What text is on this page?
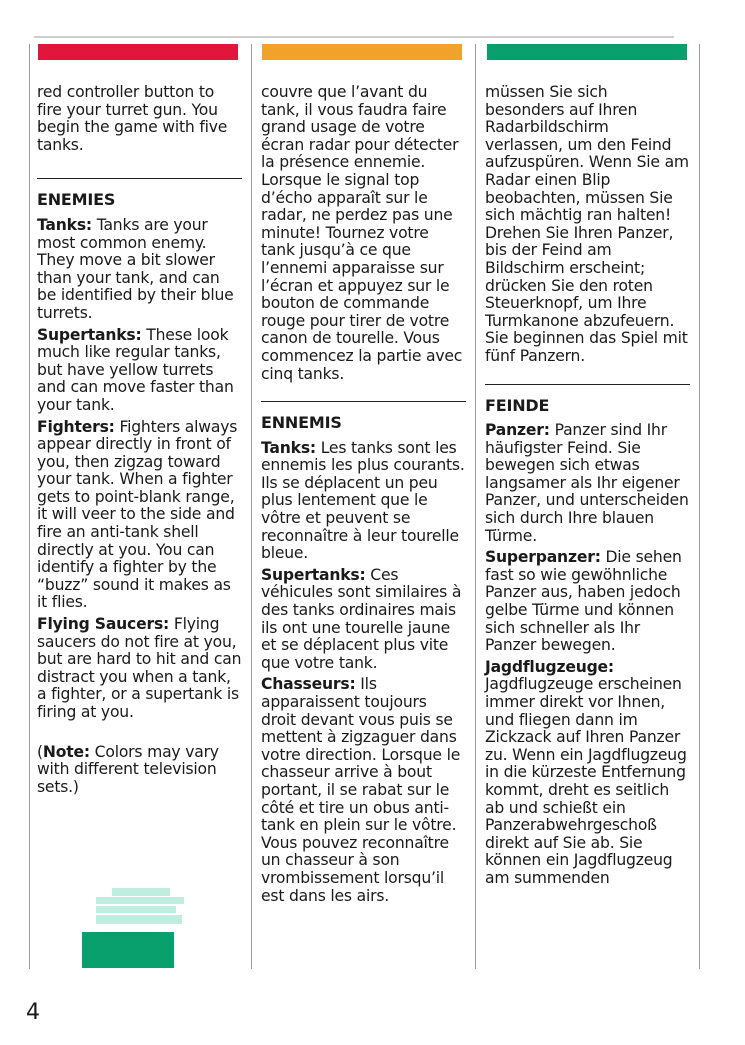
red controller button to fire your turret gun. You begin the game with five tanks.

ENEMIES

Tanks: Tanks are your most common enemy. They move a bit slower than your tank, and can be identified by their blue turrets.

Supertanks: These look much like regular tanks, but have yellow turrets and can move faster than your tank.

Fighters: Fighters always appear directly in front of you, then zigzag toward your tank. When a fighter gets to point-blank range, it will veer to the side and fire an anti-tank shell directly at you. You can identify a fighter by the “buzz” sound it makes as it flies.

Flying Saucers: Flying saucers do not fire at you, but are hard to hit and can distract you when a tank, a fighter, or a supertank is firing at you.

(Note: Colors may vary with different television sets.)

couvre que l’avant du tank, il vous faudra faire grand usage de votre écran radar pour détecter la présence ennemie. Lorsque le signal top d’écho apparaît sur le radar, ne perdez pas une minute! Tournez votre tank jusqu’à ce que l’ennemi apparaisse sur l’écran et appuyez sur le bouton de commande rouge pour tirer de votre canon de tourelle. Vous commencez la partie avec cinq tanks.

ENNEMIS

Tanks: Les tanks sont les ennemis les plus courants. Ils se déplacent un peu plus lentement que le vôtre et peuvent se reconnaître à leur tourelle bleue.

Supertanks: Ces véhicules sont similaires à des tanks ordinaires mais ils ont une tourelle jaune et se déplacent plus vite que votre tank.

Chasseurs: Ils apparaissent toujours droit devant vous puis se mettent à zigzaguer dans votre direction. Lorsque le chasseur arrive à bout portant, il se rabat sur le côté et tire un obus anti-tank en plein sur le vôtre. Vous pouvez reconnaître un chasseur à son vrombissement lorsqu’il est dans les airs.

müssen Sie sich besonders auf Ihren Radarbildschirm verlassen, um den Feind aufzuspüren. Wenn Sie am Radar einen Blip beobachten, müssen Sie sich mächtig ran halten! Drehen Sie Ihren Panzer, bis der Feind am Bildschirm erscheint; drücken Sie den roten Steuerknopf, um Ihre Turmkanone abzufeuern. Sie beginnen das Spiel mit fünf Panzern.

FEINDE

Panzer: Panzer sind Ihr häufigster Feind. Sie bewegen sich etwas langsamer als Ihr eigener Panzer, und unterscheiden sich durch Ihre blauen Türme.

Superpanzer: Die sehen fast so wie gewöhnliche Panzer aus, haben jedoch gelbe Türme und können sich schneller als Ihr Panzer bewegen.

Jagdflugzeuge: Jagdflugzeuge erscheinen immer direkt vor Ihnen, und fliegen dann im Zickzack auf Ihren Panzer zu. Wenn ein Jagdflugzeug in die kürzeste Entfernung kommt, dreht es seitlich ab und schießt ein Panzerabwehrgeschoß direkt auf Sie ab. Sie können ein Jagdflugzeug am summenden

4
